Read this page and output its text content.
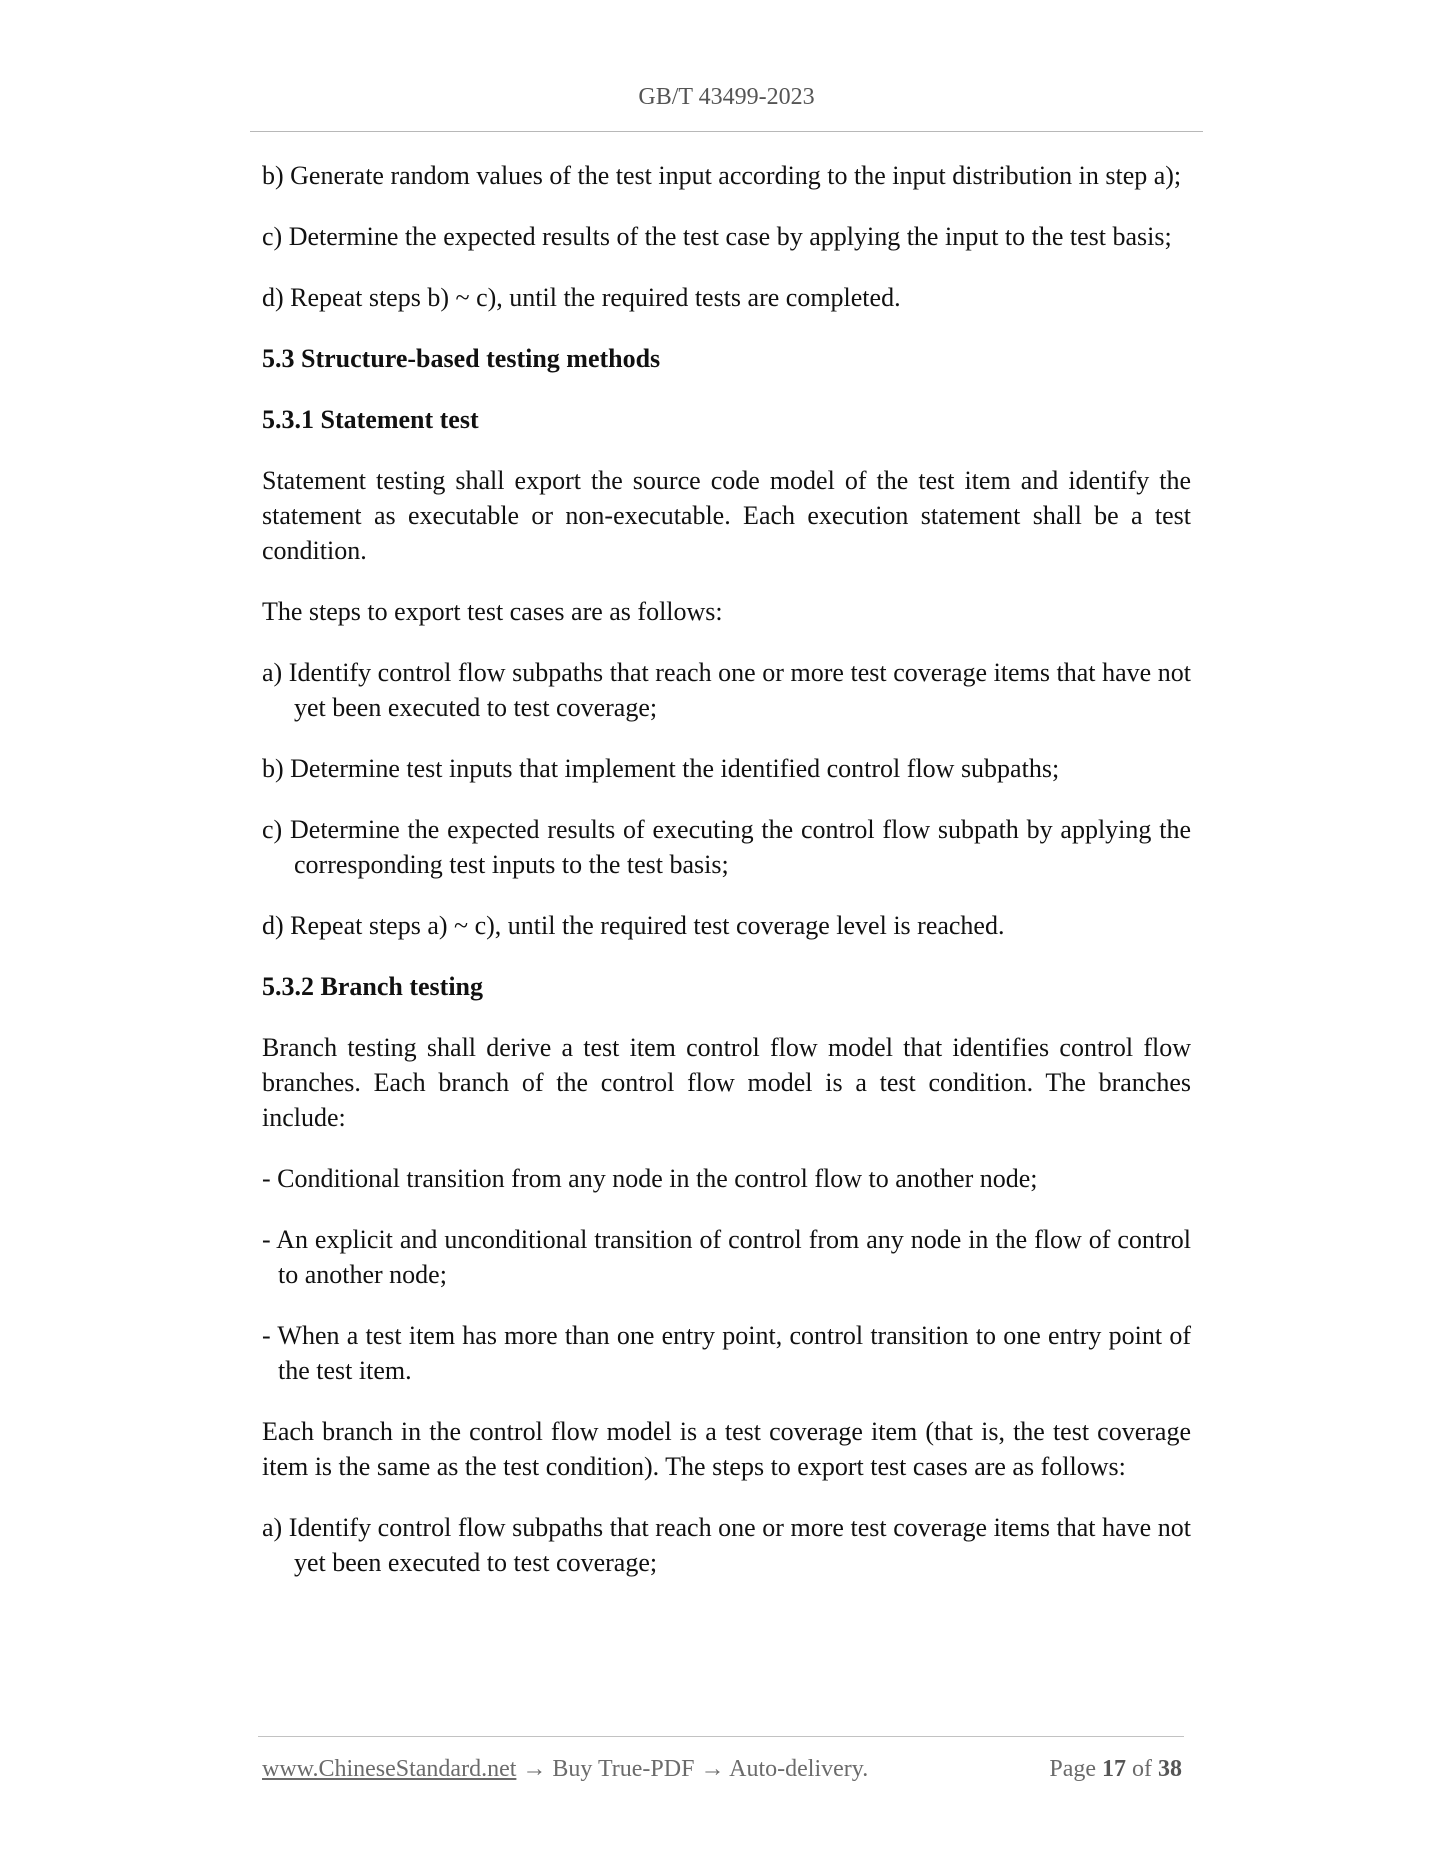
GB/T 43499-2023

b) Generate random values of the test input according to the input distribution in step a);

c) Determine the expected results of the test case by applying the input to the test basis;

d) Repeat steps b) ~ c), until the required tests are completed.

5.3 Structure-based testing methods
5.3.1 Statement test

Statement testing shall export the source code model of the test item and identify the statement as executable or non-executable. Each execution statement shall be a test condition.

The steps to export test cases are as follows:

a) Identify control flow subpaths that reach one or more test coverage items that have not yet been executed to test coverage;

b) Determine test inputs that implement the identified control flow subpaths;

c) Determine the expected results of executing the control flow subpath by applying the corresponding test inputs to the test basis;

d) Repeat steps a) ~ c), until the required test coverage level is reached.

5.3.2 Branch testing

Branch testing shall derive a test item control flow model that identifies control flow branches. Each branch of the control flow model is a test condition. The branches include:

- Conditional transition from any node in the control flow to another node;

- An explicit and unconditional transition of control from any node in the flow of control to another node;

- When a test item has more than one entry point, control transition to one entry point of the test item.

Each branch in the control flow model is a test coverage item (that is, the test coverage item is the same as the test condition). The steps to export test cases are as follows:

a) Identify control flow subpaths that reach one or more test coverage items that have not yet been executed to test coverage;

www.ChineseStandard.net → Buy True-PDF → Auto-delivery.	Page 17 of 38
